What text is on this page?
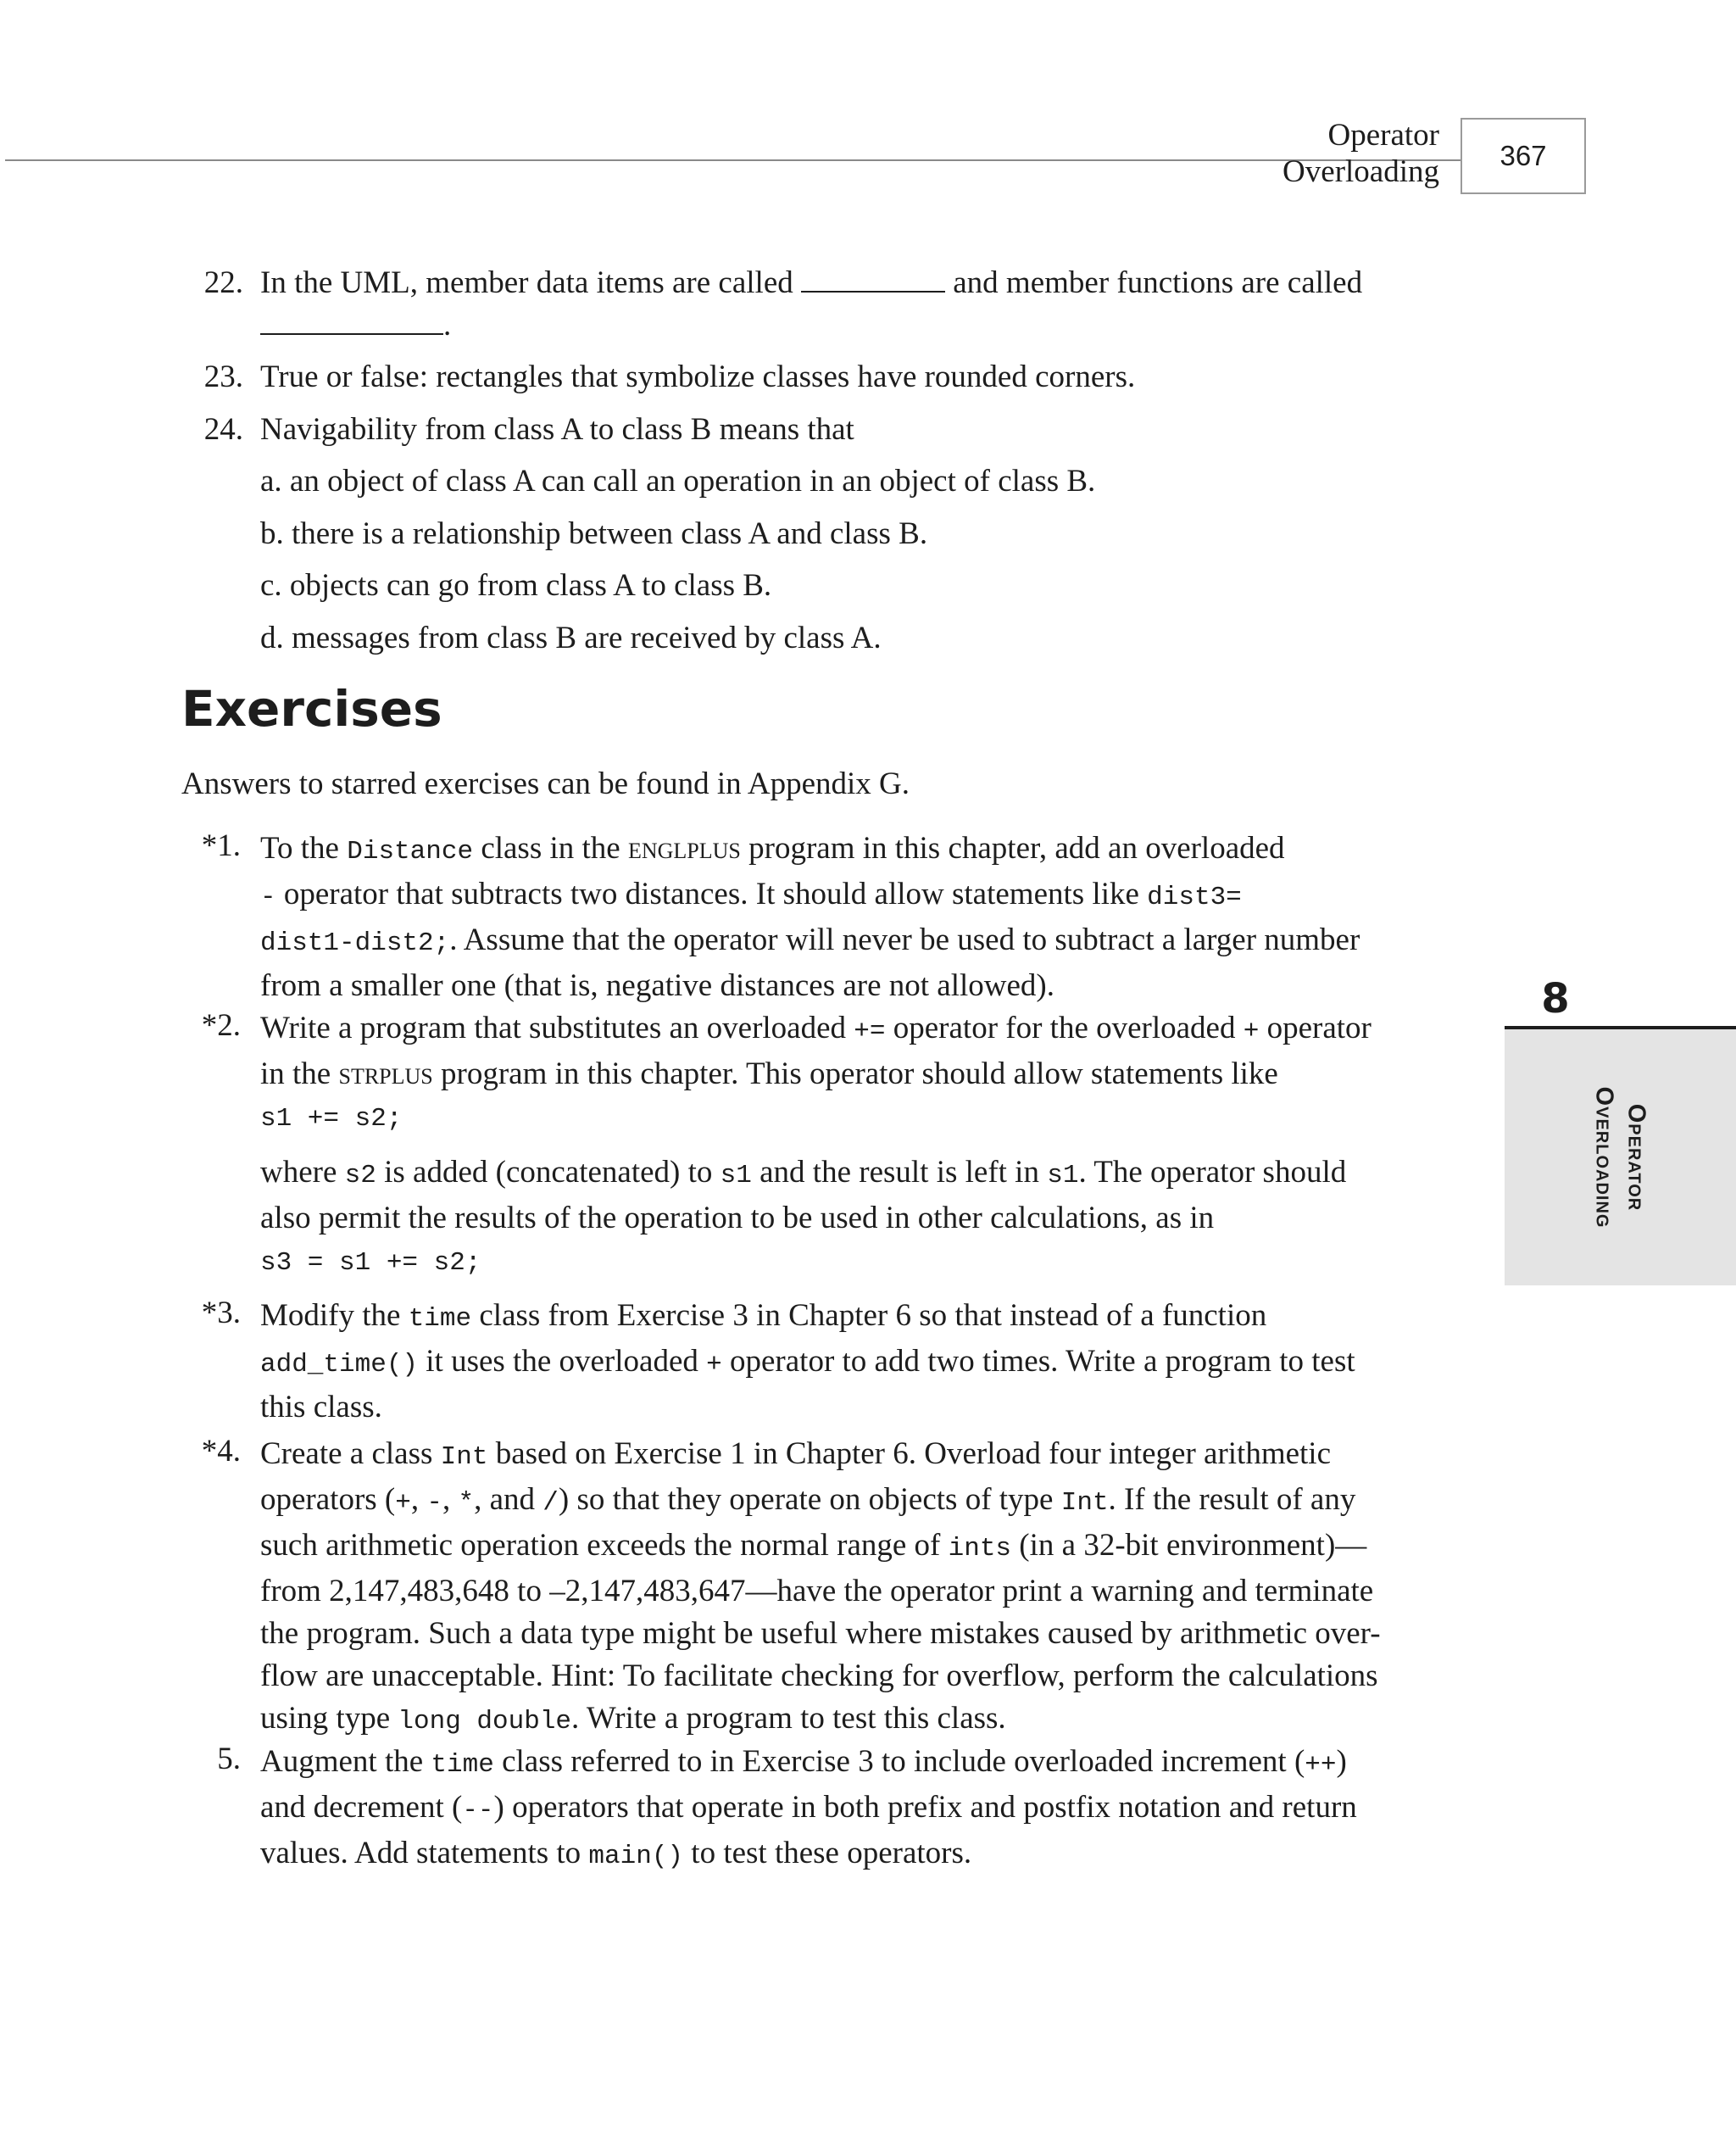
Operator Overloading	367
8
Operator
Overloading
22. In the UML, member data items are called	and member functions are called
.
23. True or false: rectangles that symbolize classes have rounded corners.
24. Navigability from class A to class B means that
a. an object of class A can call an operation in an object of class B.
b. there is a relationship between class A and class B.
c. objects can go from class A to class B.
d. messages from class B are received by class A.
Exercises
Answers to starred exercises can be found in Appendix G.
*1. To the Distance class in the englplus program in this chapter, add an overloaded
- operator that subtracts two distances. It should allow statements like dist3=
dist1-dist2;. Assume that the operator will never be used to subtract a larger number
from a smaller one (that is, negative distances are not allowed).
*2. Write a program that substitutes an overloaded += operator for the overloaded + operator
in the strplus program in this chapter. This operator should allow statements like
s1 += s2;
where s2 is added (concatenated) to s1 and the result is left in s1. The operator should
also permit the results of the operation to be used in other calculations, as in
s3 = s1 += s2;
*3. Modify the time class from Exercise 3 in Chapter 6 so that instead of a function
add_time() it uses the overloaded + operator to add two times. Write a program to test
this class.
*4. Create a class Int based on Exercise 1 in Chapter 6. Overload four integer arithmetic
operators (+, -, *, and /) so that they operate on objects of type Int. If the result of any
such arithmetic operation exceeds the normal range of ints (in a 32-bit environment)—
from 2,147,483,648 to –2,147,483,647—have the operator print a warning and terminate
the program. Such a data type might be useful where mistakes caused by arithmetic over-
flow are unacceptable. Hint: To facilitate checking for overflow, perform the calculations
using type long double. Write a program to test this class.
5. Augment the time class referred to in Exercise 3 to include overloaded increment (++)
and decrement (--) operators that operate in both prefix and postfix notation and return
values. Add statements to main() to test these operators.
